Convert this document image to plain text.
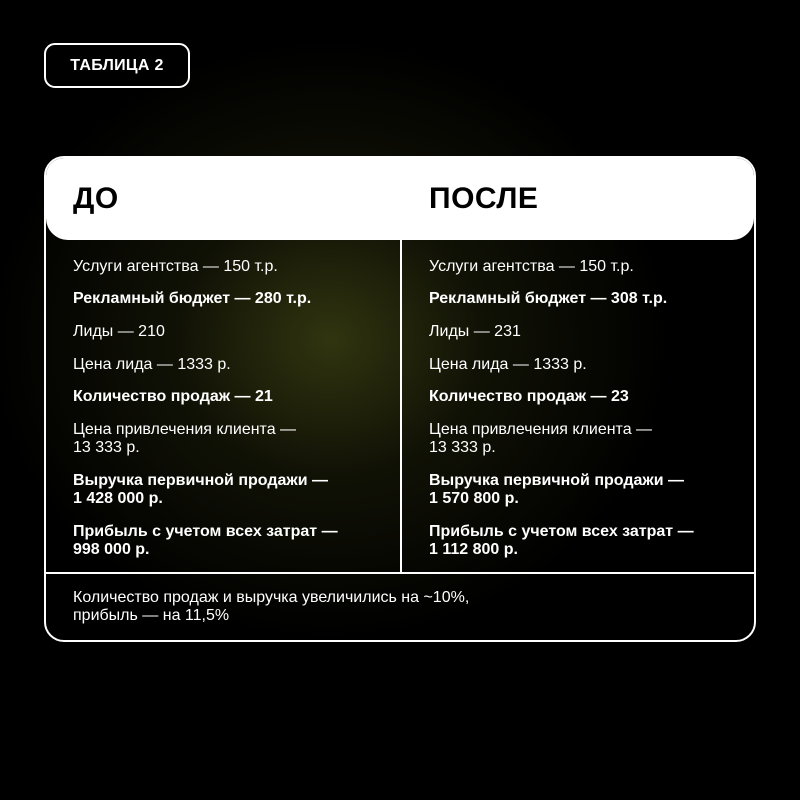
ТАБЛИЦА 2
ДО	ПОСЛЕ
Услуги агентства — 150 т.р.
Рекламный бюджет — 280 т.р.
Лиды — 210
Цена лида — 1333 р.
Количество продаж — 21
Цена привлечения клиента —
13 333 р.
Выручка первичной продажи —
1 428 000 р.
Прибыль с учетом всех затрат —
998 000 р.
Услуги агентства — 150 т.р.
Рекламный бюджет — 308 т.р.
Лиды — 231
Цена лида — 1333 р.
Количество продаж — 23
Цена привлечения клиента —
13 333 р.
Выручка первичной продажи —
1 570 800 р.
Прибыль с учетом всех затрат —
1 112 800 р.
Количество продаж и выручка увеличились на ~10%,
прибыль — на 11,5%
